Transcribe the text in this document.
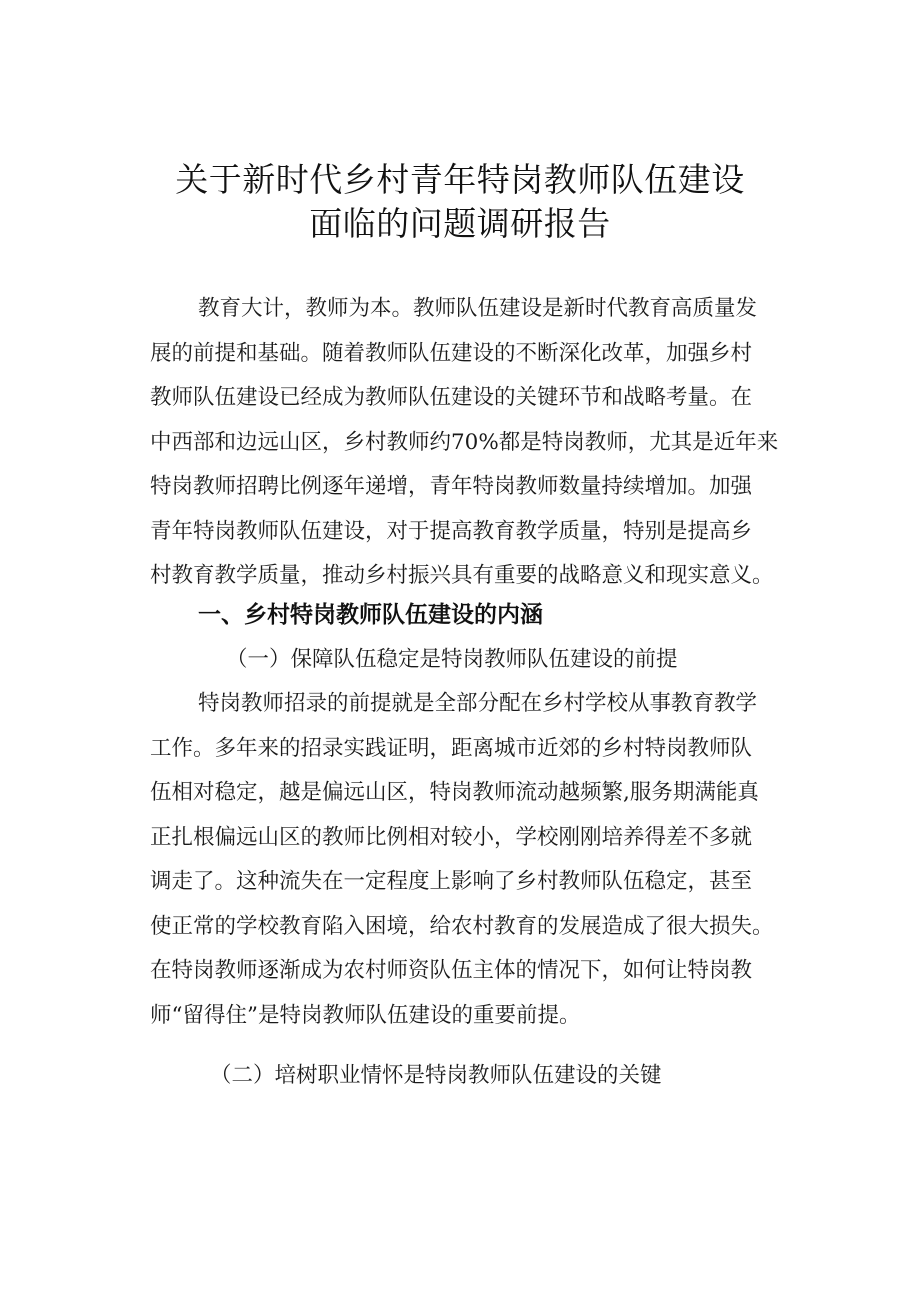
关于新时代乡村青年特岗教师队伍建设
面临的问题调研报告
教育大计，教师为本。教师队伍建设是新时代教育高质量发
展的前提和基础。随着教师队伍建设的不断深化改革，加强乡村
教师队伍建设已经成为教师队伍建设的关键环节和战略考量。在
中西部和边远山区，乡村教师约70%都是特岗教师，尤其是近年来
特岗教师招聘比例逐年递增，青年特岗教师数量持续增加。加强
青年特岗教师队伍建设，对于提高教育教学质量，特别是提高乡
村教育教学质量，推动乡村振兴具有重要的战略意义和现实意义。
一、乡村特岗教师队伍建设的内涵
（一）保障队伍稳定是特岗教师队伍建设的前提
特岗教师招录的前提就是全部分配在乡村学校从事教育教学
工作。多年来的招录实践证明，距离城市近郊的乡村特岗教师队
伍相对稳定，越是偏远山区，特岗教师流动越频繁,服务期满能真
正扎根偏远山区的教师比例相对较小，学校刚刚培养得差不多就
调走了。这种流失在一定程度上影响了乡村教师队伍稳定，甚至
使正常的学校教育陷入困境，给农村教育的发展造成了很大损失。
在特岗教师逐渐成为农村师资队伍主体的情况下，如何让特岗教
师“留得住”是特岗教师队伍建设的重要前提。
（二）培树职业情怀是特岗教师队伍建设的关键
